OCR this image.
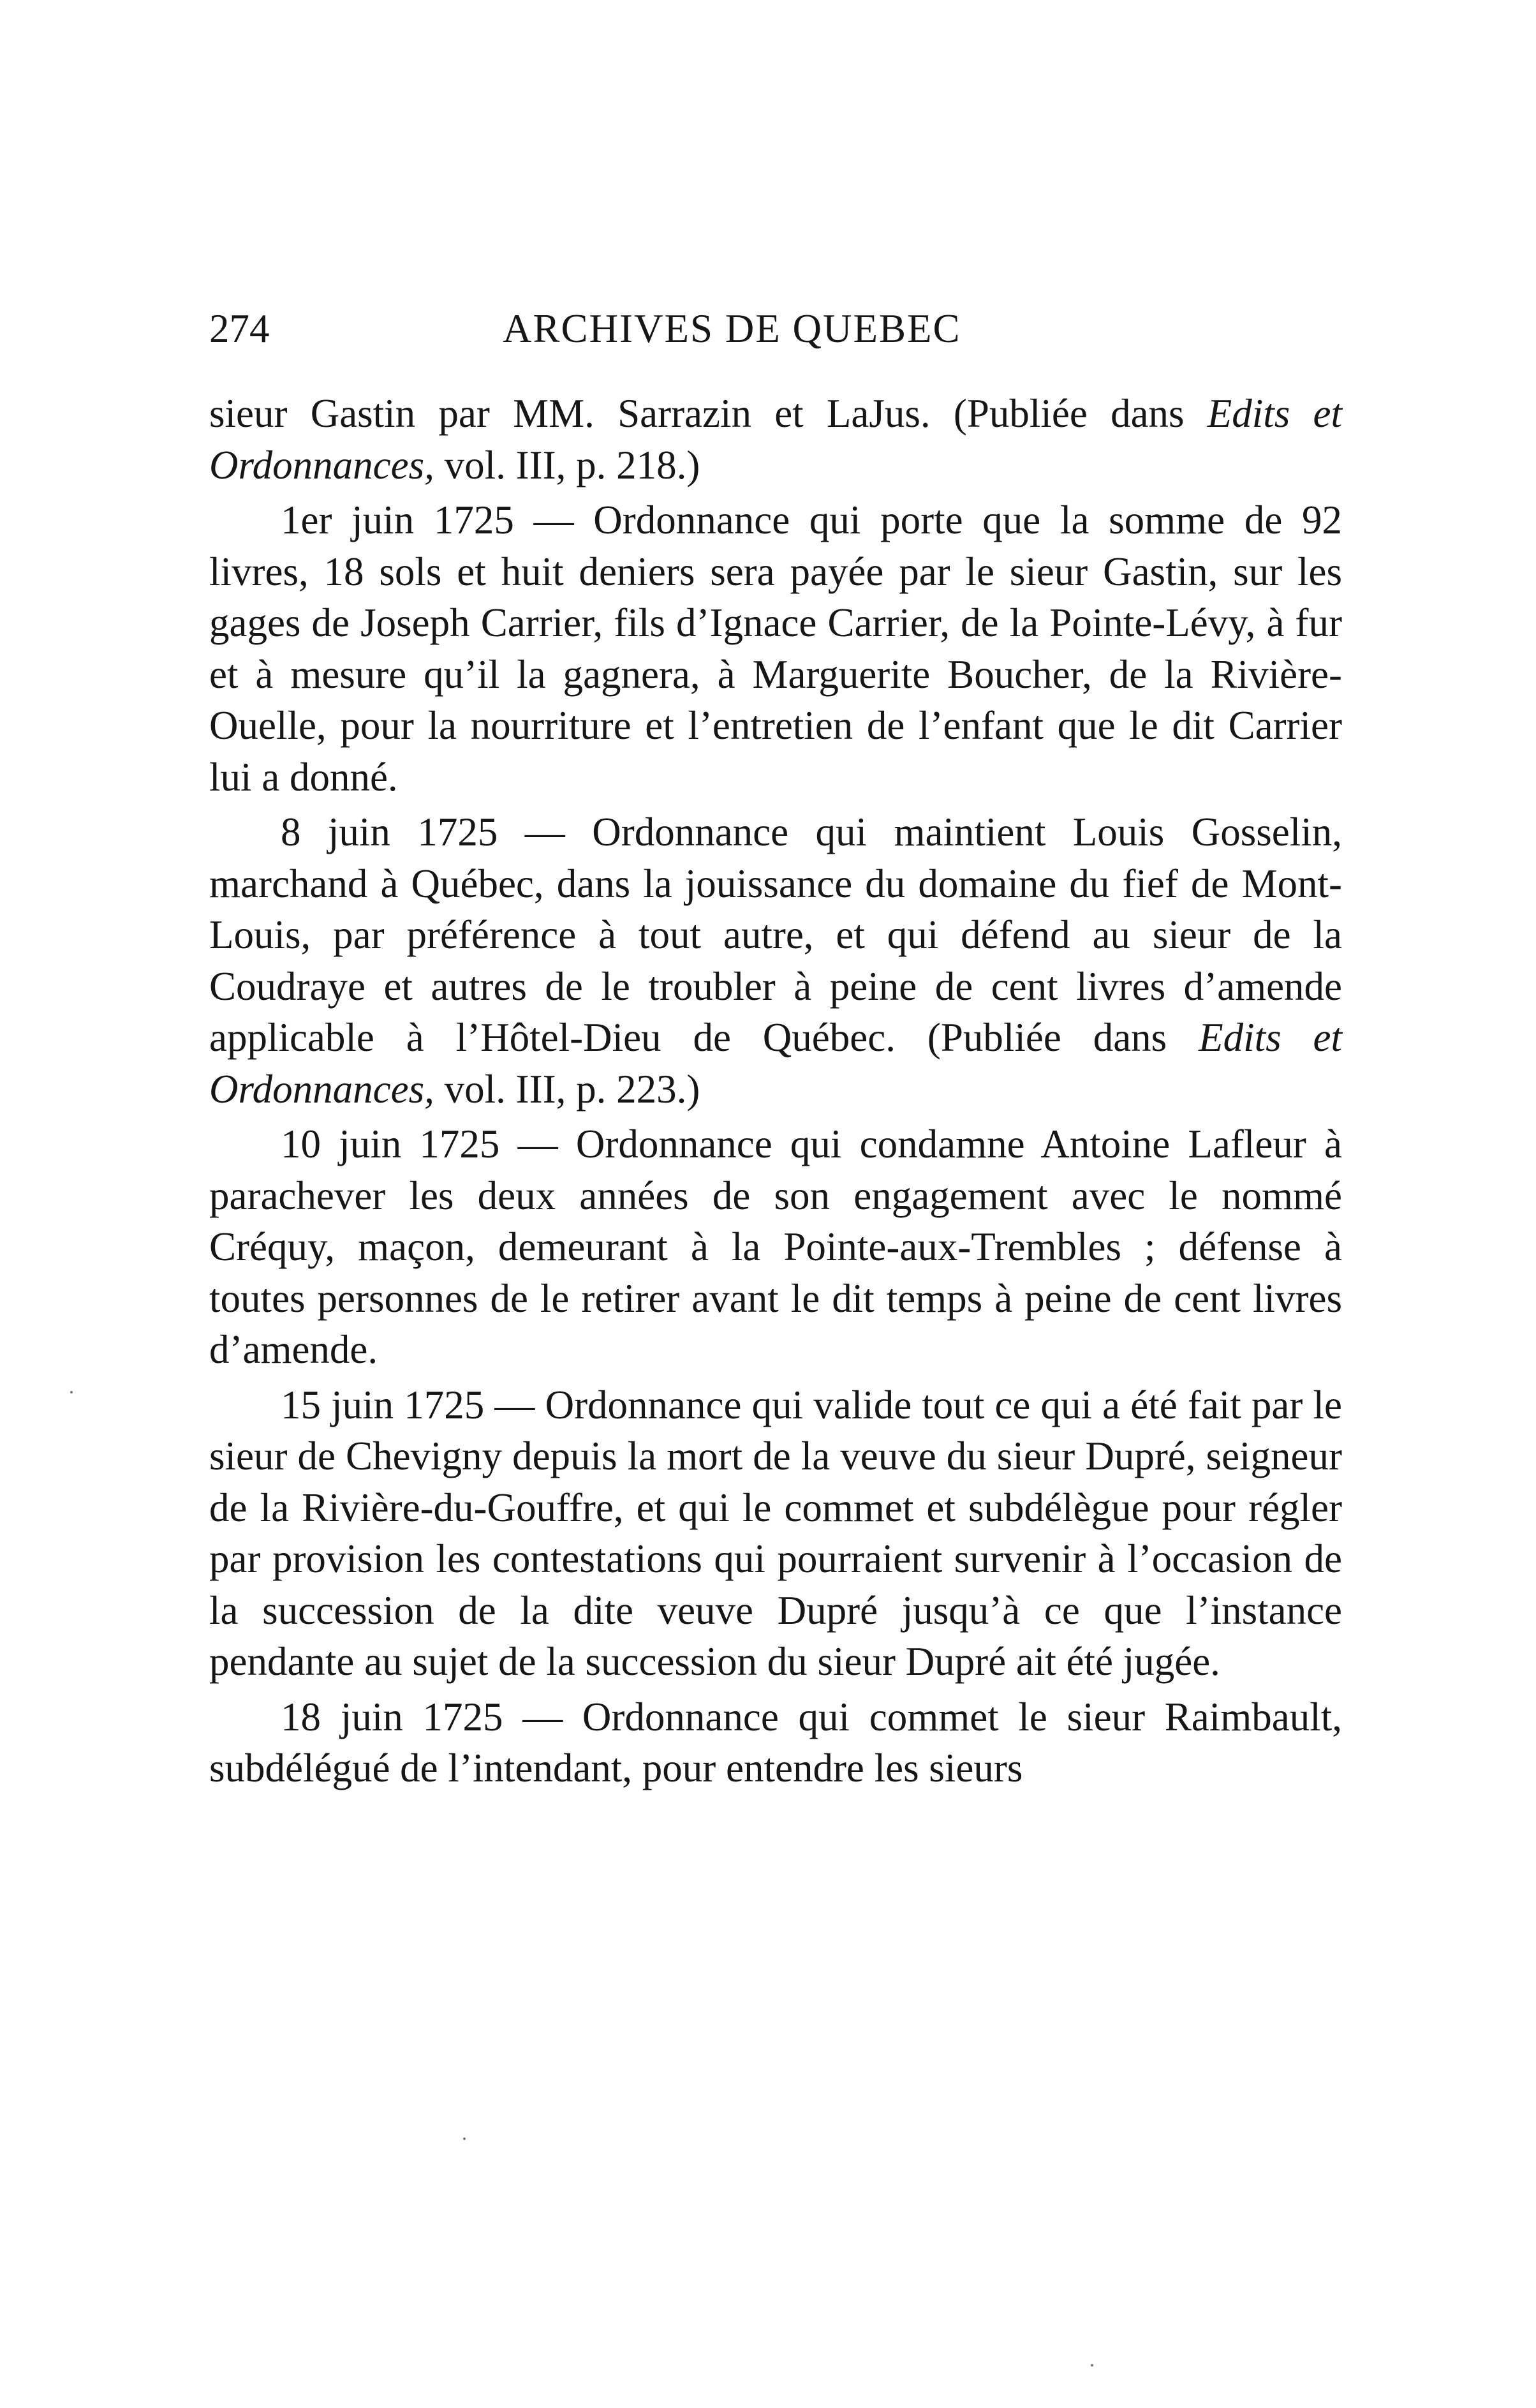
274	ARCHIVES DE QUEBEC

sieur Gastin par MM. Sarrazin et LaJus. (Publiée dans Edits et Ordonnances, vol. III, p. 218.)

1er juin 1725 — Ordonnance qui porte que la somme de 92 livres, 18 sols et huit deniers sera payée par le sieur Gastin, sur les gages de Joseph Carrier, fils d’Ignace Carrier, de la Pointe-Lévy, à fur et à mesure qu’il la gagnera, à Marguerite Boucher, de la Rivière-Ouelle, pour la nourriture et l’entretien de l’enfant que le dit Carrier lui a donné.

8 juin 1725 — Ordonnance qui maintient Louis Gosselin, marchand à Québec, dans la jouissance du domaine du fief de Mont-Louis, par préférence à tout autre, et qui défend au sieur de la Coudraye et autres de le troubler à peine de cent livres d’amende applicable à l’Hôtel-Dieu de Québec. (Publiée dans Edits et Ordonnances, vol. III, p. 223.)

10 juin 1725 — Ordonnance qui condamne Antoine Lafleur à parachever les deux années de son engagement avec le nommé Créquy, maçon, demeurant à la Pointe-aux-Trembles ; défense à toutes personnes de le retirer avant le dit temps à peine de cent livres d’amende.

15 juin 1725 — Ordonnance qui valide tout ce qui a été fait par le sieur de Chevigny depuis la mort de la veuve du sieur Dupré, seigneur de la Rivière-du-Gouffre, et qui le commet et subdélègue pour régler par provision les contestations qui pourraient survenir à l’occasion de la succession de la dite veuve Dupré jusqu’à ce que l’instance pendante au sujet de la succession du sieur Dupré ait été jugée.

18 juin 1725 — Ordonnance qui commet le sieur Raimbault, subdélégué de l’intendant, pour entendre les sieurs
